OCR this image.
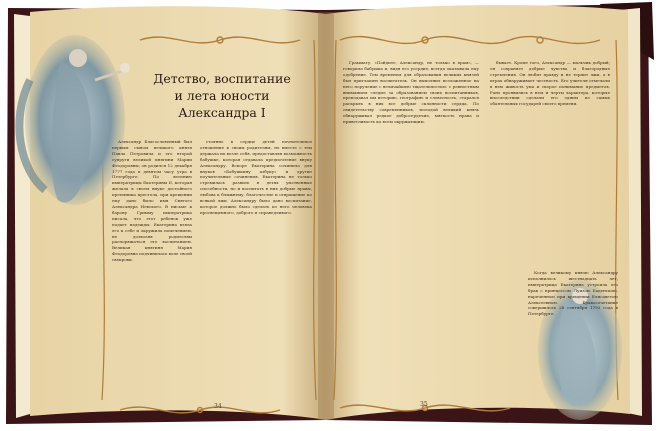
Детство, воспитание
и лета юности
Александра I

Александр Благословенный был первым сыном великого князя Павла Петровича и его второй супруги великой княгини Марии Феодоровны; он родился 12 декабря 1777 года в девятом часу утра в Петербурге. По велению императрицы Екатерины II, которая желала в своем внуке достойного преемника престола, при крещении ему дано было имя Святого Александра Невского. В письме к барону Гримму императрица писала, что этот ребенок уже подает надежды. Екатерина взяла его к себе и окружила попечением, не дозволяя родителям распоряжаться его воспитанием. Великая княгиня Мария Феодоровна подчинилась воле своей свекрови.

стоянно в сердце детей почтительное отношение к своим родителям, но вместе с тем держала их возле себя, предоставляя возможность бабушке, которая отдавала предпочтение внуку Александру. Вскоре Екатерина сочинила для внуков «Бабушкину азбуку» и другие поучительные сочинения. Екатерина не только стремилась развить в детях умственные способности, но и воспитать в них добрые нравы, любовь к ближнему, благочестие и отвращение ко всякой лжи. Александру было дано воспитание, которое должно было сделать из него человека просвещенного, доброго и справедливого.

Граммату. «Пойдите, Александр, не только в храм», — говорила бабушка и, видя его усердие, всегда оказывала ему одобрение. Тем временем для образования великих князей был приглашен воспитатель. Он выполнил возложенное на него поручение с величайшею тщательностью: с ревностным вниманием следил за образованием своих воспитанников, преподавал им историю, географию и словесность, старался раскрыть в них все добрые склонности сердца. По свидетельству современников, молодой великий князь обнаруживал редкое добросердечие, мягкость нрава и приветливость ко всем окружающим.

бывает. Кроме того, Александр — мальчик добрый; он сохраняет добрые чувства и благородные стремления. Он любит правду и не терпит лжи, а в играх обнаруживает честность. Его учителя отмечали в нем живость ума и скорое понимание предметов. Рано проявились в нем и черты характера, которые впоследствии сделали его одним из самых обаятельных государей своего времени.

Когда великому князю Александру исполнилось шестнадцать лет, императрица Екатерина устроила его брак с принцессою Луизою Баденскою, нареченною при крещении Елисаветою Алексеевною. Бракосочетание совершилось 28 сентября 1793 года в Петербурге.

34	35
